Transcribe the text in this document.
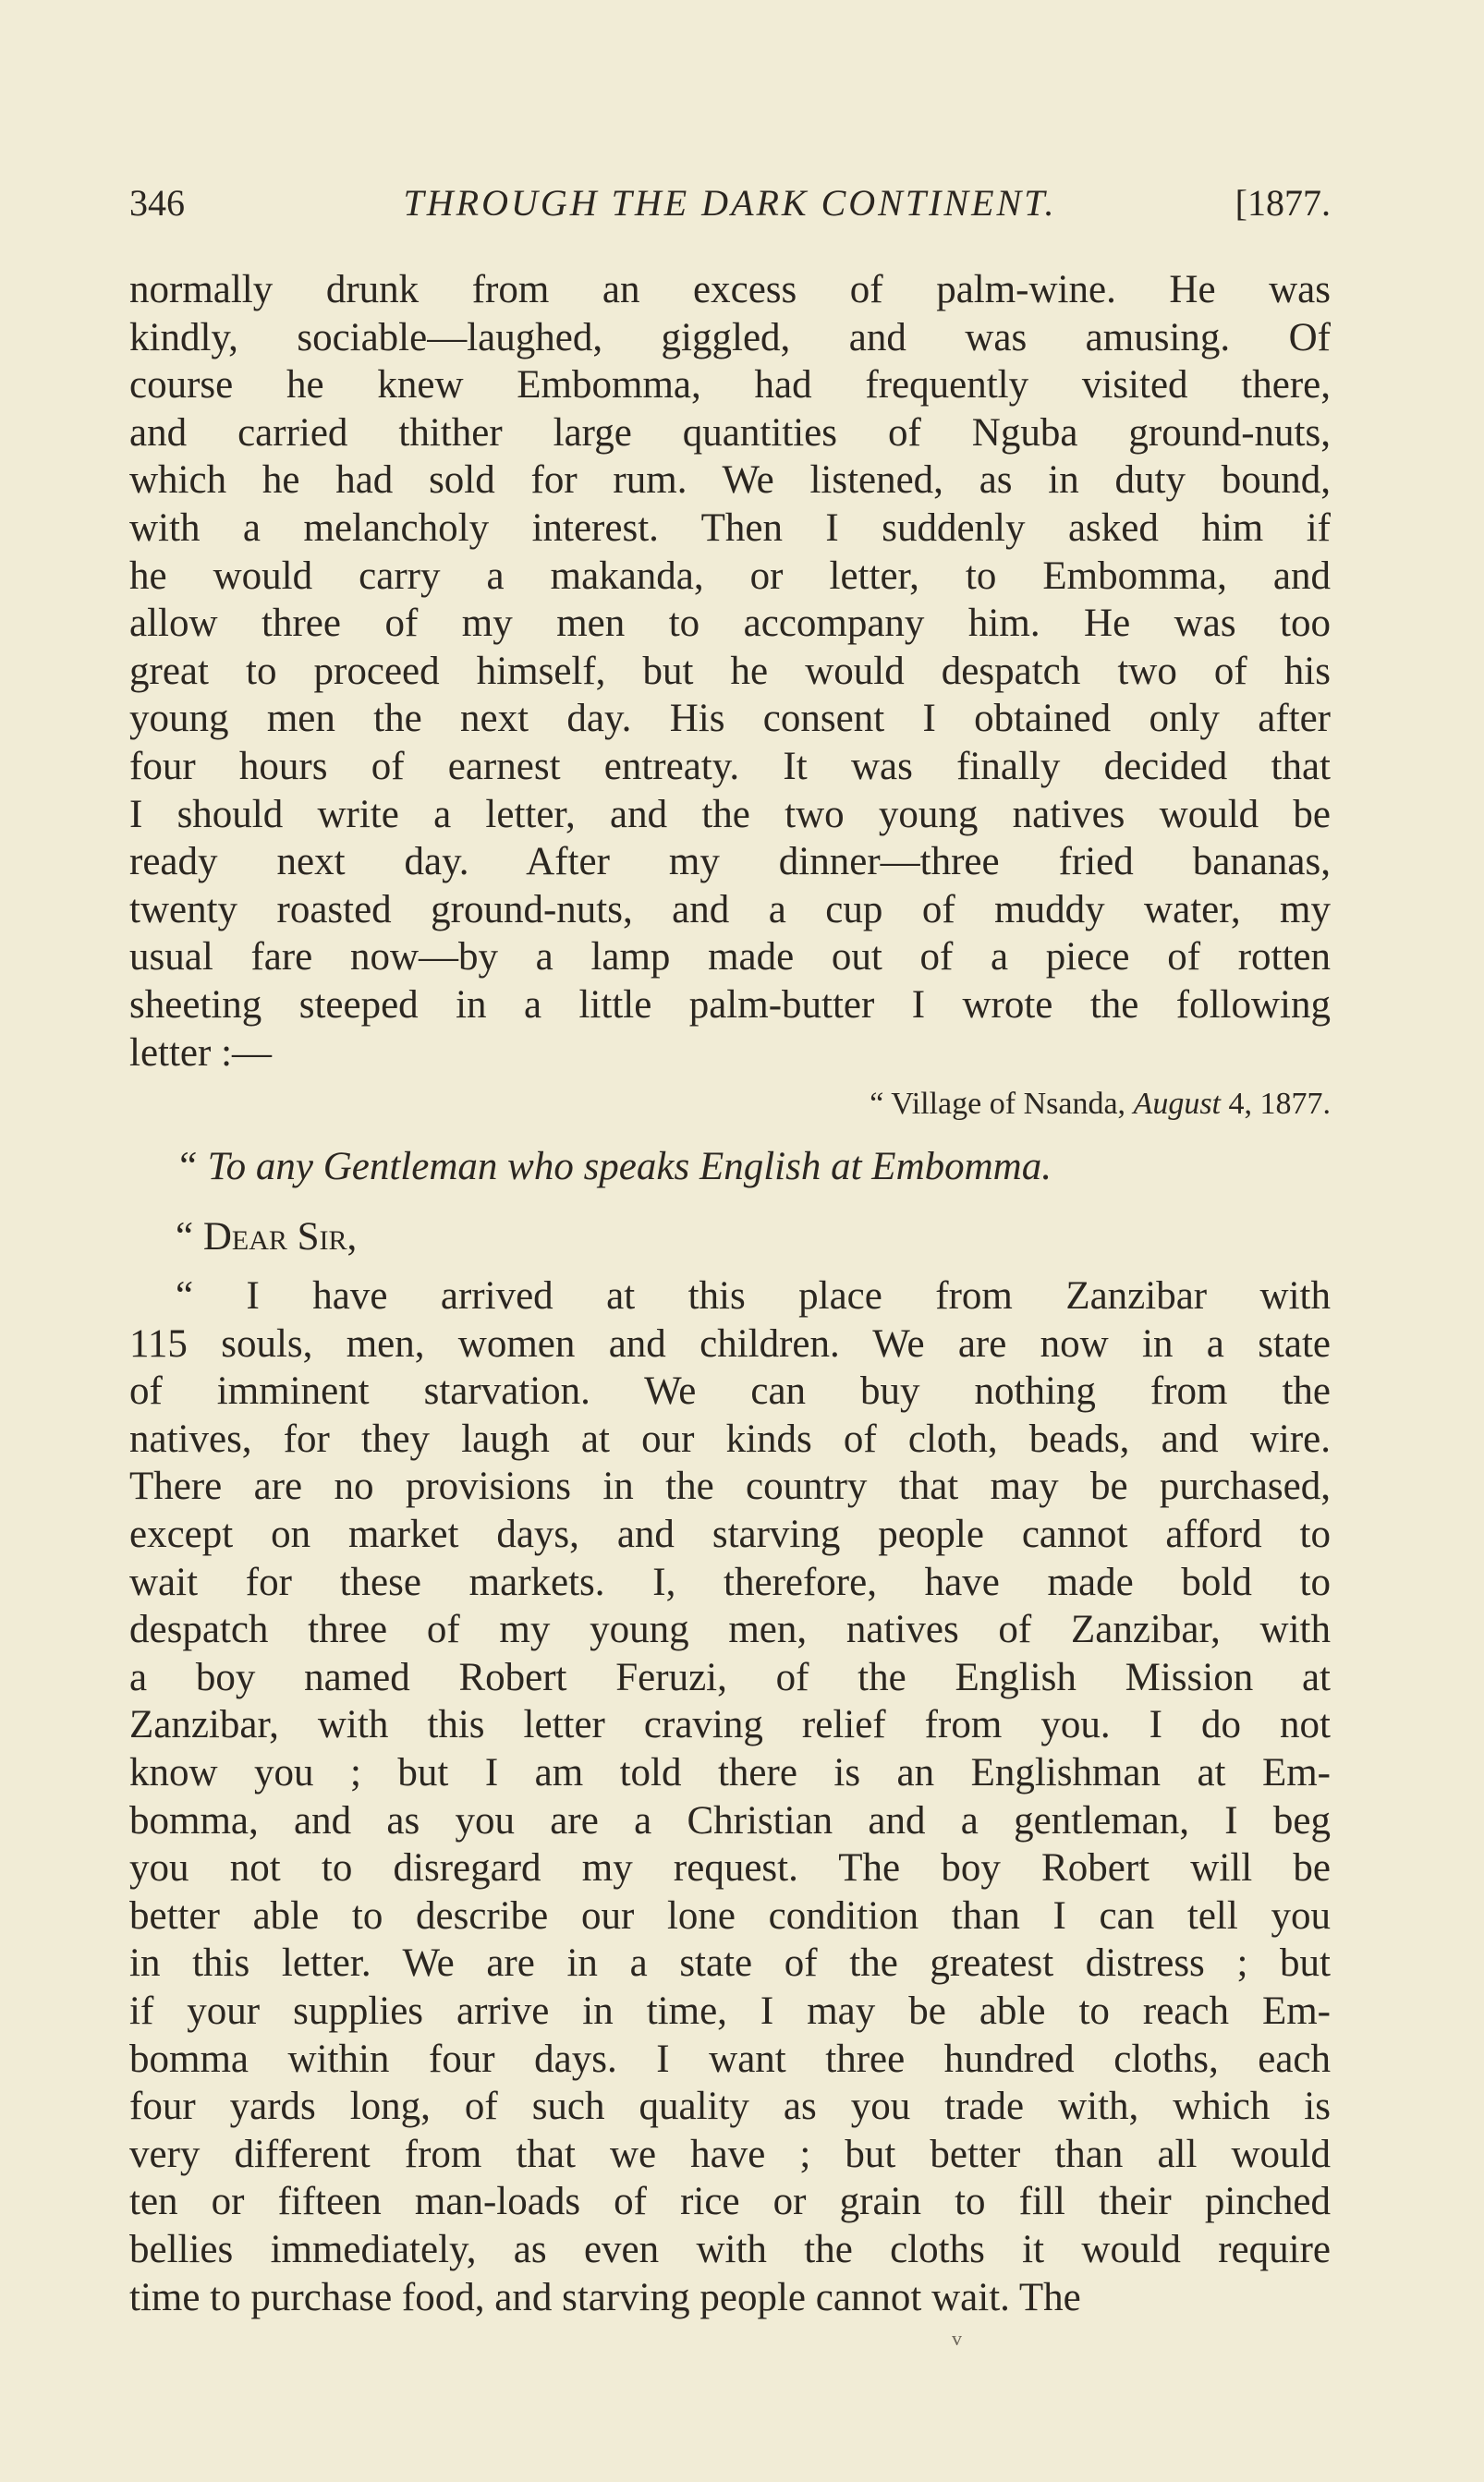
346	THROUGH THE DARK CONTINENT.	[1877.
normally drunk from an excess of palm-wine. He was
kindly, sociable—laughed, giggled, and was amusing. Of
course he knew Embomma, had frequently visited there,
and carried thither large quantities of Nguba ground-nuts,
which he had sold for rum. We listened, as in duty bound,
with a melancholy interest. Then I suddenly asked him if
he would carry a makanda, or letter, to Embomma, and
allow three of my men to accompany him. He was too
great to proceed himself, but he would despatch two of his
young men the next day. His consent I obtained only after
four hours of earnest entreaty. It was finally decided that
I should write a letter, and the two young natives would be
ready next day. After my dinner—three fried bananas,
twenty roasted ground-nuts, and a cup of muddy water, my
usual fare now—by a lamp made out of a piece of rotten
sheeting steeped in a little palm-butter I wrote the following
letter :—
“ Village of Nsanda, August 4, 1877.
“ To any Gentleman who speaks English at Embomma.
“ Dear Sir,
“ I have arrived at this place from Zanzibar with
115 souls, men, women and children. We are now in a state
of imminent starvation. We can buy nothing from the
natives, for they laugh at our kinds of cloth, beads, and wire.
There are no provisions in the country that may be purchased,
except on market days, and starving people cannot afford to
wait for these markets. I, therefore, have made bold to
despatch three of my young men, natives of Zanzibar, with
a boy named Robert Feruzi, of the English Mission at
Zanzibar, with this letter craving relief from you. I do not
know you ; but I am told there is an Englishman at Em-
bomma, and as you are a Christian and a gentleman, I beg
you not to disregard my request. The boy Robert will be
better able to describe our lone condition than I can tell you
in this letter. We are in a state of the greatest distress ; but
if your supplies arrive in time, I may be able to reach Em-
bomma within four days. I want three hundred cloths, each
four yards long, of such quality as you trade with, which is
very different from that we have ; but better than all would
ten or fifteen man-loads of rice or grain to fill their pinched
bellies immediately, as even with the cloths it would require
time to purchase food, and starving people cannot wait. The
v
